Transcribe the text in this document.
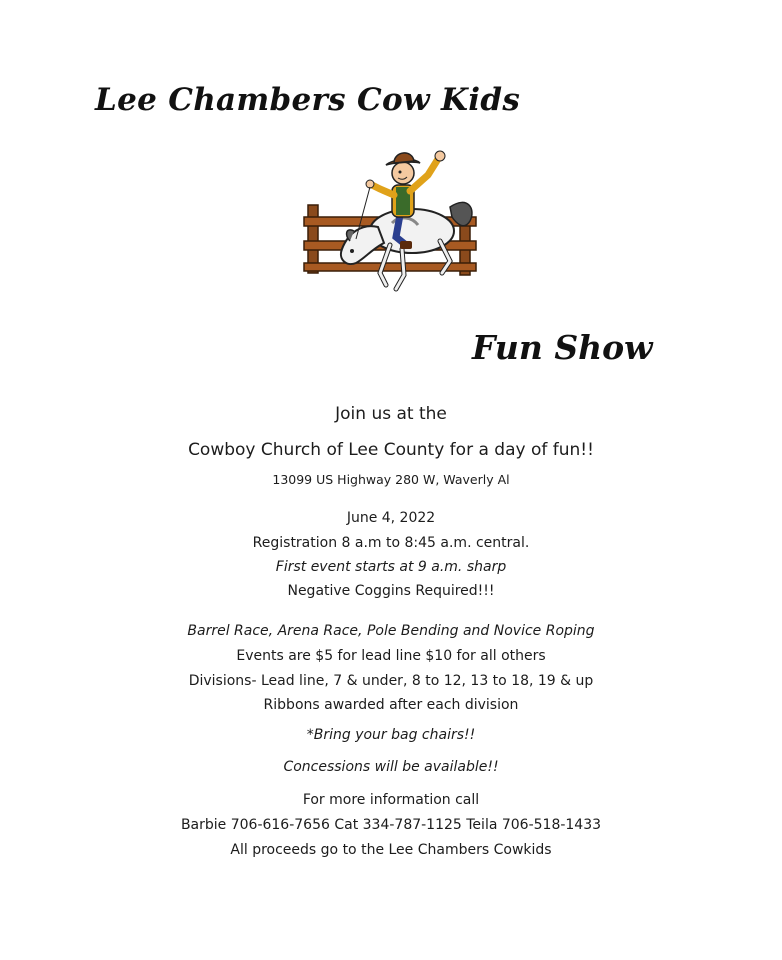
Lee Chambers Cow Kids
Fun Show
Join us at the
Cowboy Church of Lee County for a day of fun!!
13099 US Highway 280 W, Waverly Al
June 4, 2022
Registration 8 a.m to 8:45 a.m. central.
First event starts at 9 a.m. sharp
Negative Coggins Required!!!
Barrel Race, Arena Race, Pole Bending and Novice Roping
Events are $5 for lead line $10 for all others
Divisions- Lead line, 7 & under, 8 to 12, 13 to 18, 19 & up
Ribbons awarded after each division
*Bring your bag chairs!!
Concessions will be available!!
For more information call
Barbie 706-616-7656 Cat 334-787-1125 Teila 706-518-1433
All proceeds go to the Lee Chambers Cowkids
